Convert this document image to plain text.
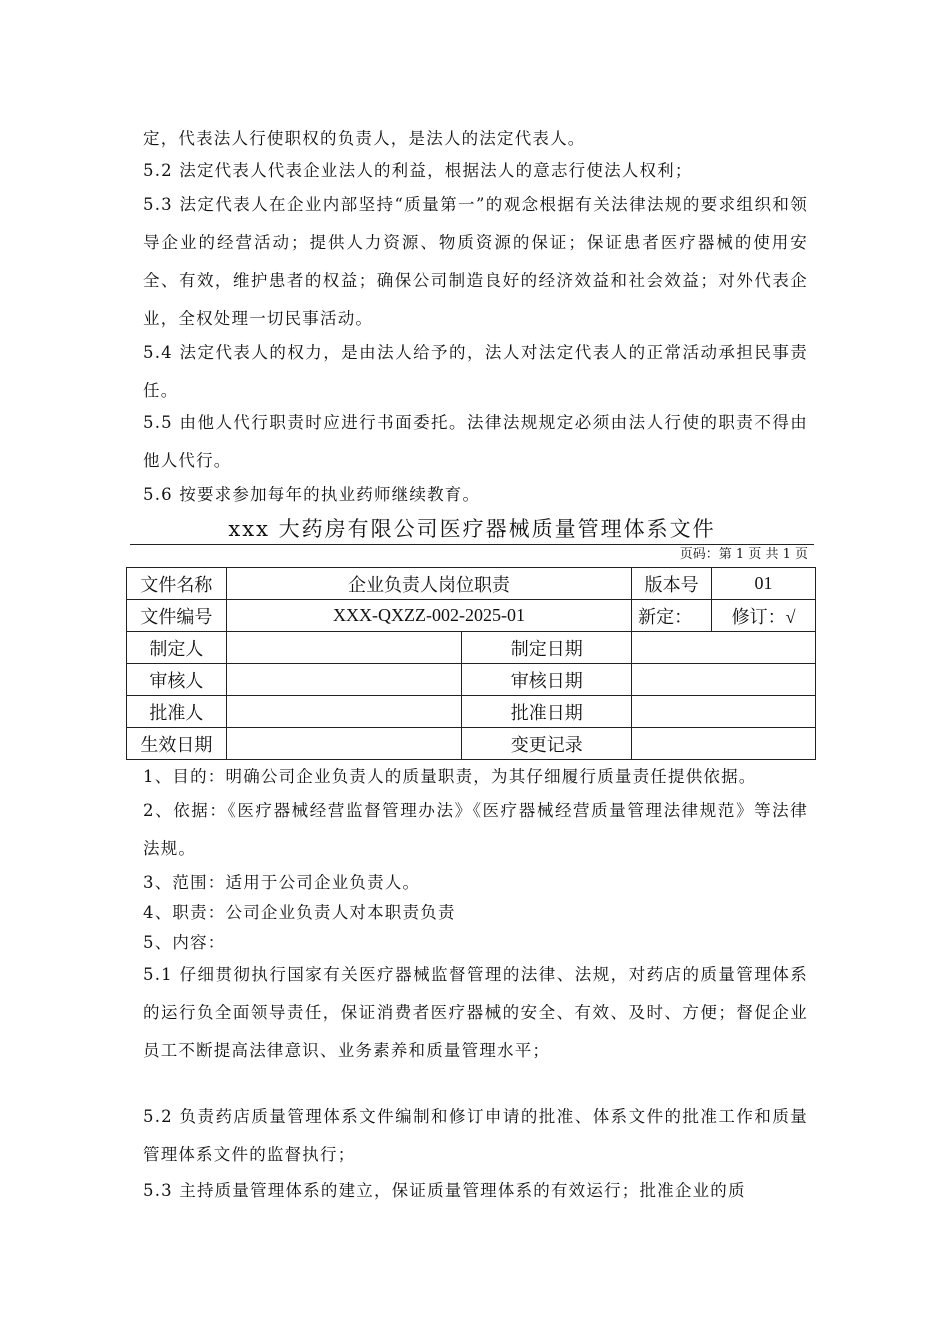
定，代表法人行使职权的负责人，是法人的法定代表人。
5.2 法定代表人代表企业法人的利益，根据法人的意志行使法人权利；
5.3 法定代表人在企业内部坚持“质量第一”的观念根据有关法律法规的要求组织和领导企业的经营活动；提供人力资源、物质资源的保证；保证患者医疗器械的使用安全、有效，维护患者的权益；确保公司制造良好的经济效益和社会效益；对外代表企业，全权处理一切民事活动。
5.4 法定代表人的权力，是由法人给予的，法人对法定代表人的正常活动承担民事责任。
5.5 由他人代行职责时应进行书面委托。法律法规规定必须由法人行使的职责不得由他人代行。
5.6 按要求参加每年的执业药师继续教育。
xxx 大药房有限公司医疗器械质量管理体系文件
页码：第 1 页 共 1 页
文件名称	企业负责人岗位职责		版本号	01
文件编号	XXX-QXZZ-002-2025-01		新定：	修订：√
制定人		制定日期		
审核人		审核日期		
批准人		批准日期		
生效日期		变更记录		
1、目的：明确公司企业负责人的质量职责，为其仔细履行质量责任提供依据。
2、依据：《医疗器械经营监督管理办法》《医疗器械经营质量管理法律规范》等法律法规。
3、范围：适用于公司企业负责人。
4、职责：公司企业负责人对本职责负责
5、内容：
5.1 仔细贯彻执行国家有关医疗器械监督管理的法律、法规，对药店的质量管理体系的运行负全面领导责任，保证消费者医疗器械的安全、有效、及时、方便；督促企业员工不断提高法律意识、业务素养和质量管理水平；
5.2 负责药店质量管理体系文件编制和修订申请的批准、体系文件的批准工作和质量管理体系文件的监督执行；
5.3 主持质量管理体系的建立，保证质量管理体系的有效运行；批准企业的质
